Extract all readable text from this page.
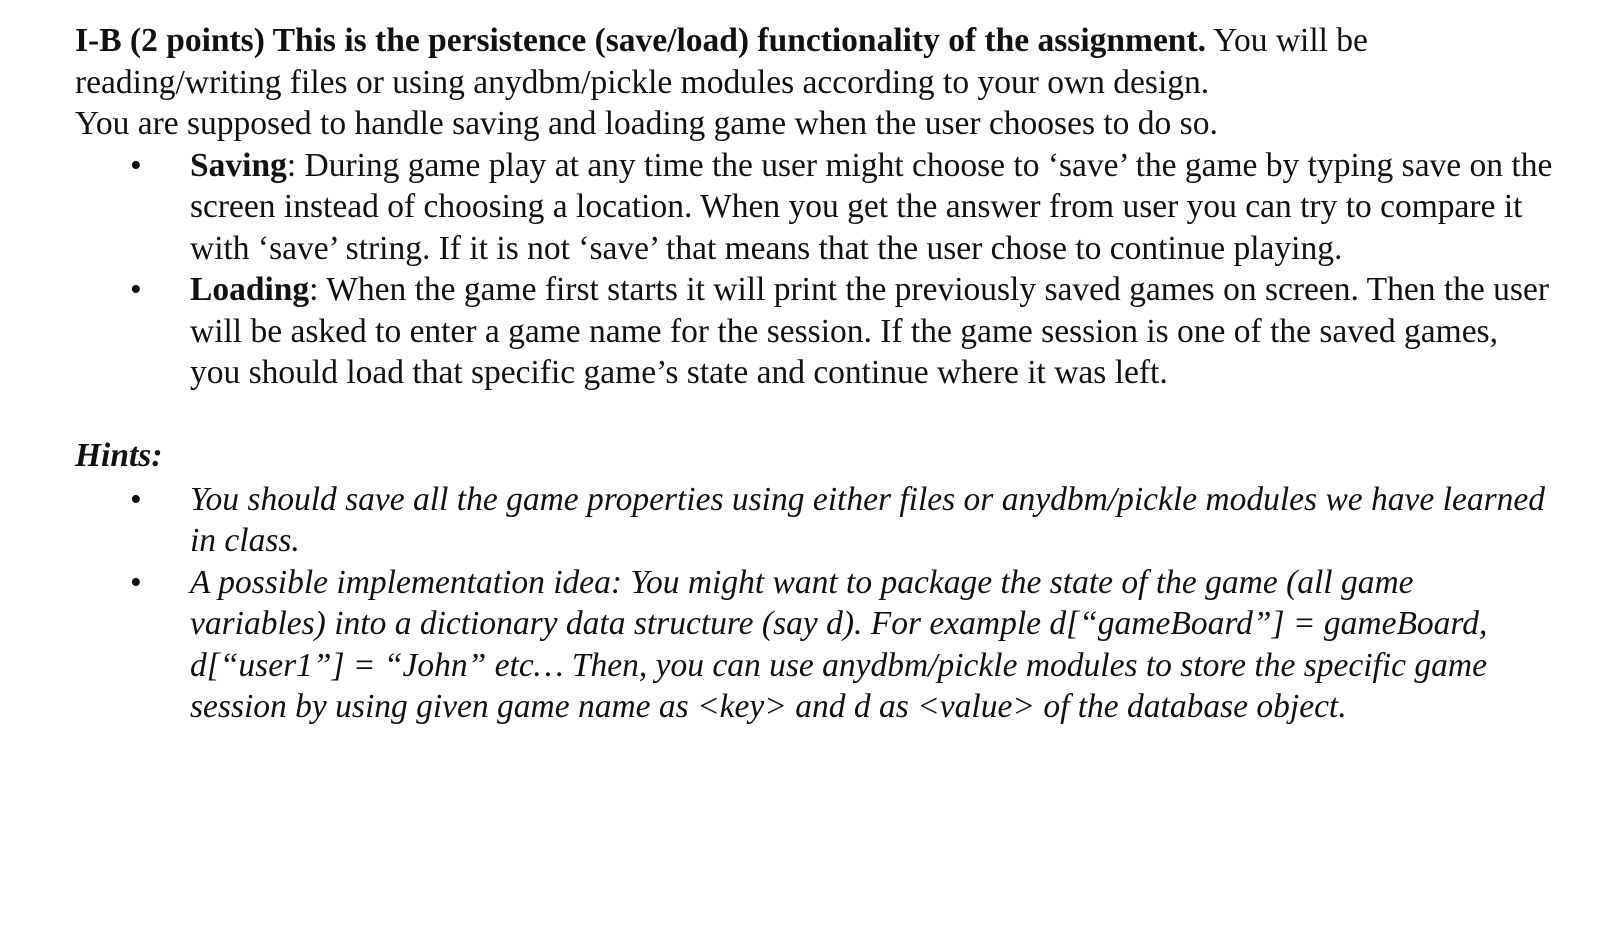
I-B (2 points) This is the persistence (save/load) functionality of the assignment. You will be reading/writing files or using anydbm/pickle modules according to your own design.

You are supposed to handle saving and loading game when the user chooses to do so.

• Saving: During game play at any time the user might choose to ‘save’ the game by typing save on the screen instead of choosing a location. When you get the answer from user you can try to compare it with ‘save’ string. If it is not ‘save’ that means that the user chose to continue playing.
• Loading: When the game first starts it will print the previously saved games on screen. Then the user will be asked to enter a game name for the session. If the game session is one of the saved games, you should load that specific game’s state and continue where it was left.

Hints:

• You should save all the game properties using either files or anydbm/pickle modules we have learned in class.
• A possible implementation idea: You might want to package the state of the game (all game variables) into a dictionary data structure (say d). For example d[“gameBoard”] = gameBoard, d[“user1”] = “John” etc… Then, you can use anydbm/pickle modules to store the specific game session by using given game name as <key> and d as <value> of the database object.
